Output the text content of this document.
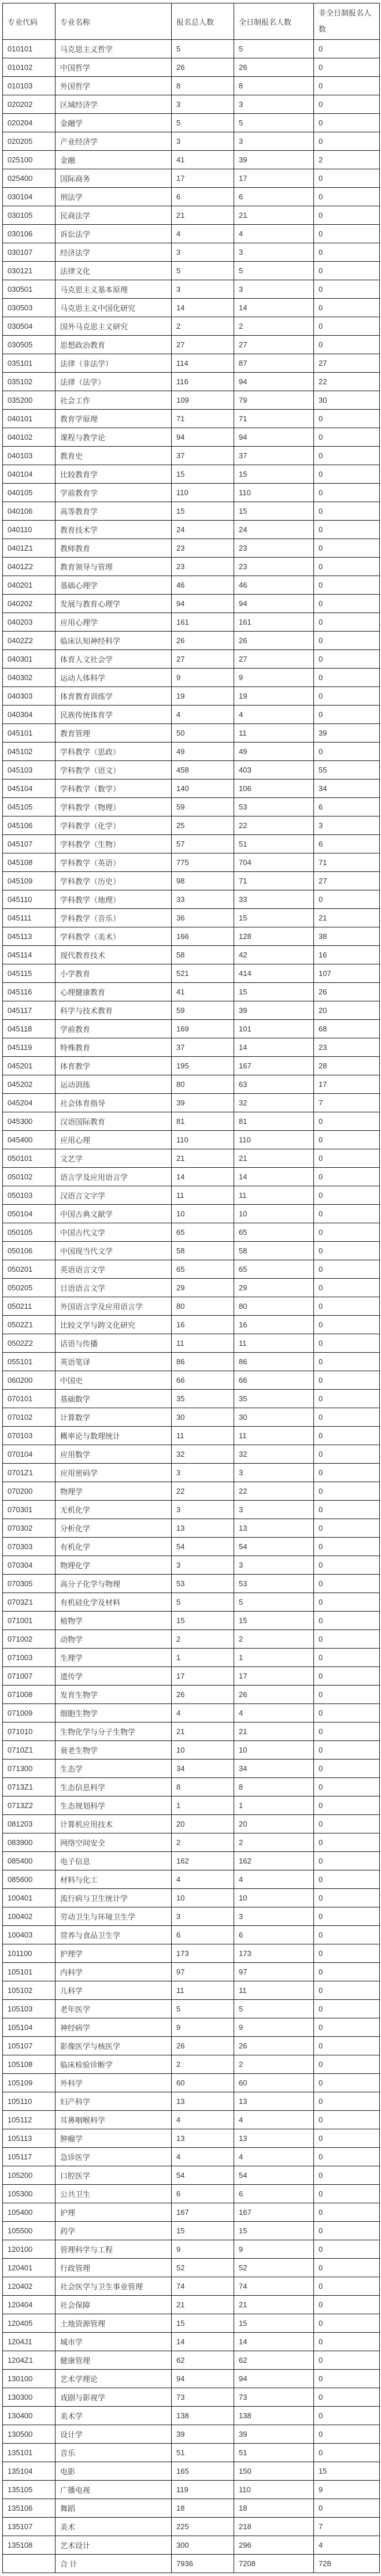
专业代码	专业名称	报名总人数	全日制报名人数	非全日制报名人数
010101	马克思主义哲学	5	5	0
010102	中国哲学	26	26	0
010103	外国哲学	8	8	0
020202	区域经济学	3	3	0
020204	金融学	5	5	0
020205	产业经济学	3	3	0
025100	金融	41	39	2
025400	国际商务	17	17	0
030104	刑法学	6	6	0
030105	民商法学	21	21	0
030106	诉讼法学	4	4	0
030107	经济法学	3	3	0
030121	法律文化	5	5	0
030501	马克思主义基本原理	3	3	0
030503	马克思主义中国化研究	14	14	0
030504	国外马克思主义研究	2	2	0
030505	思想政治教育	27	27	0
035101	法律（非法学）	114	87	27
035102	法律（法学）	116	94	22
035200	社会工作	109	79	30
040101	教育学原理	71	71	0
040102	课程与教学论	94	94	0
040103	教育史	37	37	0
040104	比较教育学	15	15	0
040105	学前教育学	110	110	0
040106	高等教育学	15	15	0
040110	教育技术学	24	24	0
0401Z1	教师教育	23	23	0
0401Z2	教育领导与管理	23	23	0
040201	基础心理学	46	46	0
040202	发展与教育心理学	94	94	0
040203	应用心理学	161	161	0
0402Z2	临床认知神经科学	26	26	0
040301	体育人文社会学	27	27	0
040302	运动人体科学	9	9	0
040303	体育教育训练学	19	19	0
040304	民族传统体育学	4	4	0
045101	教育管理	50	11	39
045102	学科教学（思政）	49	49	0
045103	学科教学（语文）	458	403	55
045104	学科教学（数学）	140	106	34
045105	学科教学（物理）	59	53	6
045106	学科教学（化学）	25	22	3
045107	学科教学（生物）	57	51	6
045108	学科教学（英语）	775	704	71
045109	学科教学（历史）	98	71	27
045110	学科教学（地理）	33	33	0
045111	学科教学（音乐）	36	15	21
045113	学科教学（美术）	166	128	38
045114	现代教育技术	58	42	16
045115	小学教育	521	414	107
045116	心理健康教育	41	15	26
045117	科学与技术教育	59	39	20
045118	学前教育	169	101	68
045119	特殊教育	37	14	23
045201	体育教学	195	167	28
045202	运动训练	80	63	17
045204	社会体育指导	39	32	7
045300	汉语国际教育	81	81	0
045400	应用心理	110	110	0
050101	文艺学	21	21	0
050102	语言学及应用语言学	14	14	0
050103	汉语言文字学	11	11	0
050104	中国古典文献学	10	10	0
050105	中国古代文学	65	65	0
050106	中国现当代文学	58	58	0
050201	英语语言文学	65	65	0
050205	日语语言文学	29	29	0
050211	外国语言学及应用语言学	80	80	0
0502Z1	比较文学与跨文化研究	16	16	0
0502Z2	话语与传播	11	11	0
055101	英语笔译	86	86	0
060200	中国史	66	66	0
070101	基础数学	35	35	0
070102	计算数学	30	30	0
070103	概率论与数理统计	11	11	0
070104	应用数学	32	32	0
0701Z1	应用密码学	3	3	0
070200	物理学	22	22	0
070301	无机化学	3	3	0
070302	分析化学	13	13	0
070303	有机化学	54	54	0
070304	物理化学	3	3	0
070305	高分子化学与物理	53	53	0
0703Z1	有机硅化学及材料	5	5	0
071001	植物学	15	15	0
071002	动物学	2	2	0
071003	生理学	1	1	0
071007	遗传学	17	17	0
071008	发育生物学	26	26	0
071009	细胞生物学	4	4	0
071010	生物化学与分子生物学	21	21	0
0710Z1	衰老生物学	10	10	0
071300	生态学	34	34	0
0713Z1	生态信息科学	8	8	0
0713Z2	生态规划科学	1	1	0
081203	计算机应用技术	20	20	0
083900	网络空间安全	2	2	0
085400	电子信息	162	162	0
085600	材料与化工	4	4	0
100401	流行病与卫生统计学	10	10	0
100402	劳动卫生与环境卫生学	3	3	0
100403	营养与食品卫生学	6	6	0
101100	护理学	173	173	0
105101	内科学	97	97	0
105102	儿科学	11	11	0
105103	老年医学	5	5	0
105104	神经病学	9	9	0
105107	影像医学与核医学	26	26	0
105108	临床检验诊断学	2	2	0
105109	外科学	60	60	0
105110	妇产科学	13	13	0
105112	耳鼻咽喉科学	4	4	0
105113	肿瘤学	13	13	0
105117	急诊医学	4	4	0
105200	口腔医学	54	54	0
105300	公共卫生	6	6	0
105400	护理	167	167	0
105500	药学	15	15	0
120100	管理科学与工程	9	9	0
120401	行政管理	52	52	0
120402	社会医学与卫生事业管理	74	74	0
120404	社会保障	21	21	0
120405	土地资源管理	15	15	0
1204J1	城市学	14	14	0
1204Z1	健康管理	62	62	0
130100	艺术学理论	94	94	0
130300	戏剧与影视学	73	73	0
130400	美术学	138	138	0
130500	设计学	39	39	0
135101	音乐	51	51	0
135104	电影	165	150	15
135105	广播电视	119	110	9
135106	舞蹈	18	18	0
135107	美术	225	218	7
135108	艺术设计	300	296	4
	合 计	7936	7208	728
